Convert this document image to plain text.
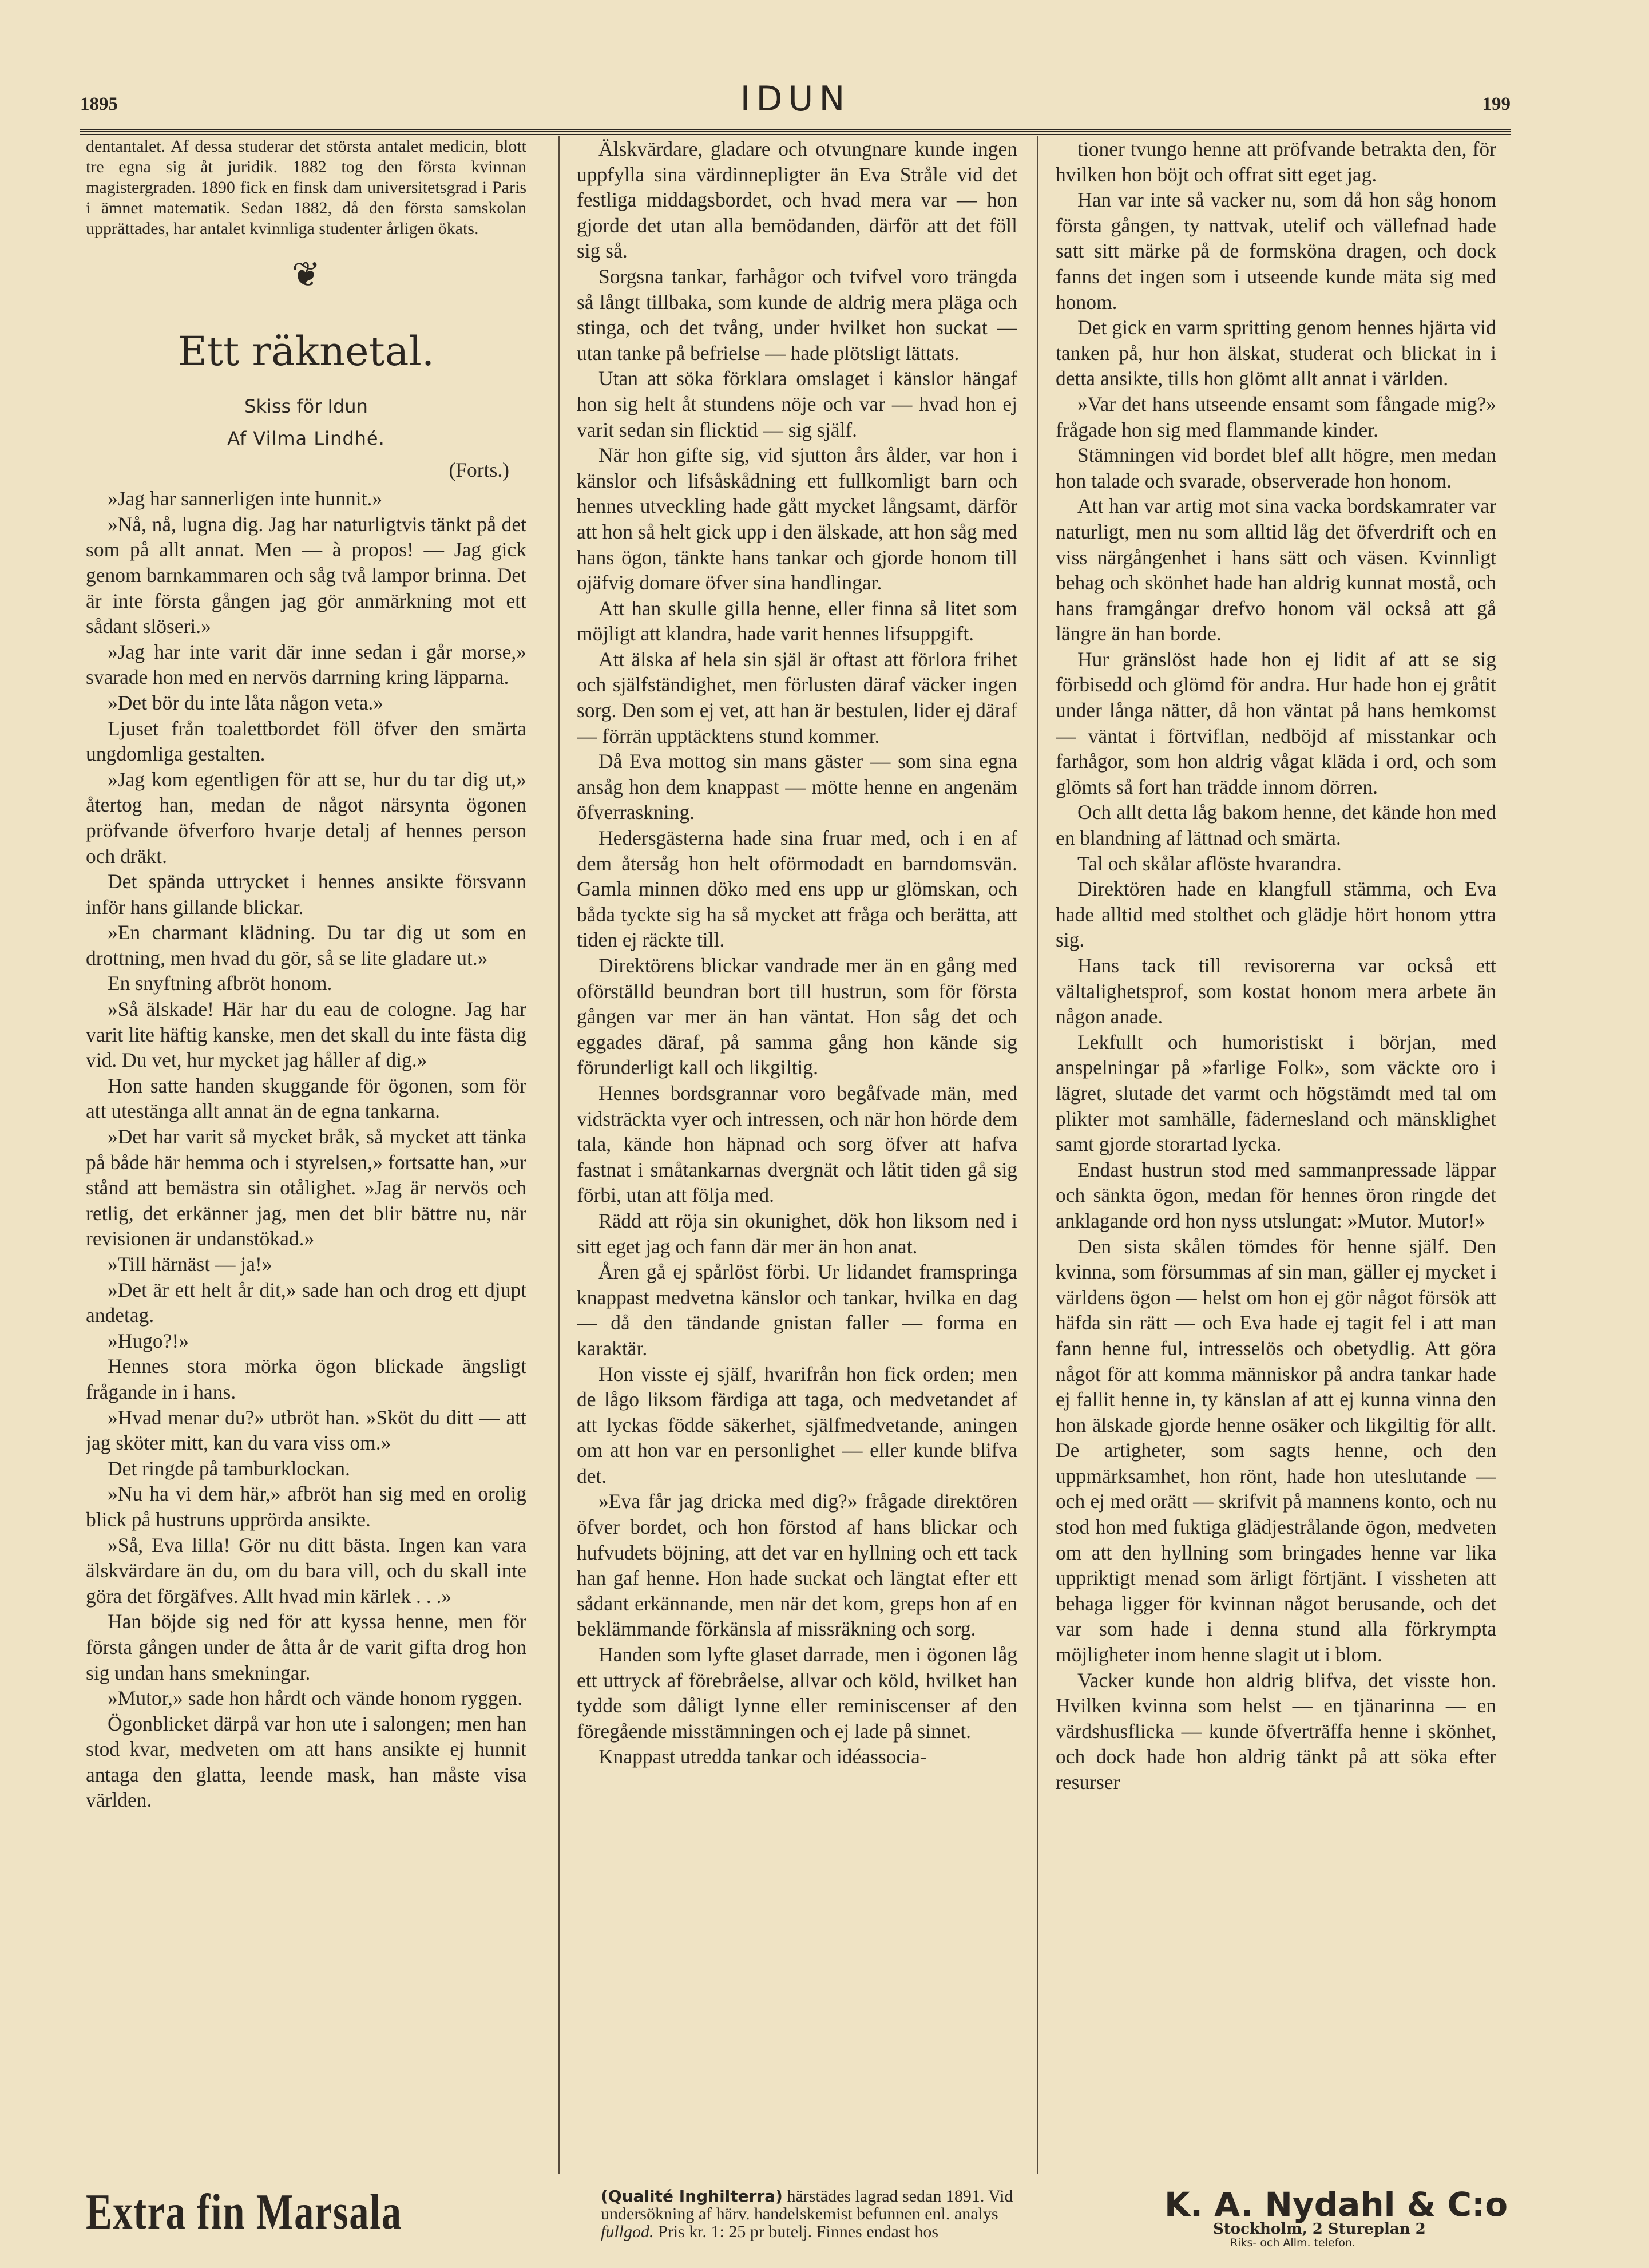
1895	IDUN	199

dentantalet. Af dessa studerar det största antalet medicin, blott tre egna sig åt juridik. 1882 tog den första kvinnan magistergraden. 1890 fick en finsk dam universitetsgrad i Paris i ämnet matematik. Sedan 1882, då den första samskolan upprättades, har antalet kvinnliga studenter årligen ökats.

❦
Ett räknetal.
Skiss för Idun
Af Vilma Lindhé.
(Forts.)

»Jag har sannerligen inte hunnit.»

»Nå, nå, lugna dig. Jag har naturligtvis tänkt på det som på allt annat. Men — à propos! — Jag gick genom barnkammaren och såg två lampor brinna. Det är inte första gången jag gör anmärkning mot ett sådant slöseri.»

»Jag har inte varit där inne sedan i går morse,» svarade hon med en nervös darrning kring läpparna.

»Det bör du inte låta någon veta.»

Ljuset från toalettbordet föll öfver den smärta ungdomliga gestalten.

»Jag kom egentligen för att se, hur du tar dig ut,» återtog han, medan de något närsynta ögonen pröfvande öfverforo hvarje detalj af hennes person och dräkt.

Det spända uttrycket i hennes ansikte försvann inför hans gillande blickar.

»En charmant klädning. Du tar dig ut som en drottning, men hvad du gör, så se lite gladare ut.»

En snyftning afbröt honom.

»Så älskade! Här har du eau de cologne. Jag har varit lite häftig kanske, men det skall du inte fästa dig vid. Du vet, hur mycket jag håller af dig.»

Hon satte handen skuggande för ögonen, som för att utestänga allt annat än de egna tankarna.

»Det har varit så mycket bråk, så mycket att tänka på både här hemma och i styrelsen,» fortsatte han, »ur stånd att bemästra sin otålighet. »Jag är nervös och retlig, det erkänner jag, men det blir bättre nu, när revisionen är undanstökad.»

»Till härnäst — ja!»

»Det är ett helt år dit,» sade han och drog ett djupt andetag.

»Hugo?!»

Hennes stora mörka ögon blickade ängsligt frågande in i hans.

»Hvad menar du?» utbröt han. »Sköt du ditt — att jag sköter mitt, kan du vara viss om.»

Det ringde på tamburklockan.

»Nu ha vi dem här,» afbröt han sig med en orolig blick på hustruns upprörda ansikte.

»Så, Eva lilla! Gör nu ditt bästa. Ingen kan vara älskvärdare än du, om du bara vill, och du skall inte göra det förgäfves. Allt hvad min kärlek . . .»

Han böjde sig ned för att kyssa henne, men för första gången under de åtta år de varit gifta drog hon sig undan hans smekningar.

»Mutor,» sade hon hårdt och vände honom ryggen.

Ögonblicket därpå var hon ute i salongen; men han stod kvar, medveten om att hans ansikte ej hunnit antaga den glatta, leende mask, han måste visa världen.

Älskvärdare, gladare och otvungnare kunde ingen uppfylla sina värdinnepligter än Eva Stråle vid det festliga middagsbordet, och hvad mera var — hon gjorde det utan alla bemödanden, därför att det föll sig så.

Sorgsna tankar, farhågor och tvifvel voro trängda så långt tillbaka, som kunde de aldrig mera pläga och stinga, och det tvång, under hvilket hon suckat — utan tanke på befrielse — hade plötsligt lättats.

Utan att söka förklara omslaget i känslor hängaf hon sig helt åt stundens nöje och var — hvad hon ej varit sedan sin flicktid — sig själf.

När hon gifte sig, vid sjutton års ålder, var hon i känslor och lifsåskådning ett fullkomligt barn och hennes utveckling hade gått mycket långsamt, därför att hon så helt gick upp i den älskade, att hon såg med hans ögon, tänkte hans tankar och gjorde honom till ojäfvig domare öfver sina handlingar.

Att han skulle gilla henne, eller finna så litet som möjligt att klandra, hade varit hennes lifsuppgift.

Att älska af hela sin själ är oftast att förlora frihet och själfständighet, men förlusten däraf väcker ingen sorg. Den som ej vet, att han är bestulen, lider ej däraf — förrän upptäcktens stund kommer.

Då Eva mottog sin mans gäster — som sina egna ansåg hon dem knappast — mötte henne en angenäm öfverraskning.

Hedersgästerna hade sina fruar med, och i en af dem återsåg hon helt oförmodadt en barndomsvän. Gamla minnen döko med ens upp ur glömskan, och båda tyckte sig ha så mycket att fråga och berätta, att tiden ej räckte till.

Direktörens blickar vandrade mer än en gång med oförställd beundran bort till hustrun, som för första gången var mer än han väntat. Hon såg det och eggades däraf, på samma gång hon kände sig förunderligt kall och likgiltig.

Hennes bordsgrannar voro begåfvade män, med vidsträckta vyer och intressen, och när hon hörde dem tala, kände hon häpnad och sorg öfver att hafva fastnat i småtankarnas dvergnät och låtit tiden gå sig förbi, utan att följa med.

Rädd att röja sin okunighet, dök hon liksom ned i sitt eget jag och fann där mer än hon anat.

Åren gå ej spårlöst förbi. Ur lidandet framspringa knappast medvetna känslor och tankar, hvilka en dag — då den tändande gnistan faller — forma en karaktär.

Hon visste ej själf, hvarifrån hon fick orden; men de lågo liksom färdiga att taga, och medvetandet af att lyckas födde säkerhet, själfmedvetande, aningen om att hon var en personlighet — eller kunde blifva det.

»Eva får jag dricka med dig?» frågade direktören öfver bordet, och hon förstod af hans blickar och hufvudets böjning, att det var en hyllning och ett tack han gaf henne. Hon hade suckat och längtat efter ett sådant erkännande, men när det kom, greps hon af en beklämmande förkänsla af missräkning och sorg.

Handen som lyfte glaset darrade, men i ögonen låg ett uttryck af förebråelse, allvar och köld, hvilket han tydde som dåligt lynne eller reminiscenser af den föregående misstämningen och ej lade på sinnet.

Knappast utredda tankar och idéassocia-

tioner tvungo henne att pröfvande betrakta den, för hvilken hon böjt och offrat sitt eget jag.

Han var inte så vacker nu, som då hon såg honom första gången, ty nattvak, utelif och vällefnad hade satt sitt märke på de formsköna dragen, och dock fanns det ingen som i utseende kunde mäta sig med honom.

Det gick en varm spritting genom hennes hjärta vid tanken på, hur hon älskat, studerat och blickat in i detta ansikte, tills hon glömt allt annat i världen.

»Var det hans utseende ensamt som fångade mig?» frågade hon sig med flammande kinder.

Stämningen vid bordet blef allt högre, men medan hon talade och svarade, observerade hon honom.

Att han var artig mot sina vacka bordskamrater var naturligt, men nu som alltid låg det öfverdrift och en viss närgångenhet i hans sätt och väsen. Kvinnligt behag och skönhet hade han aldrig kunnat mostå, och hans framgångar drefvo honom väl också att gå längre än han borde.

Hur gränslöst hade hon ej lidit af att se sig förbisedd och glömd för andra. Hur hade hon ej gråtit under långa nätter, då hon väntat på hans hemkomst — väntat i förtviflan, nedböjd af misstankar och farhågor, som hon aldrig vågat kläda i ord, och som glömts så fort han trädde innom dörren.

Och allt detta låg bakom henne, det kände hon med en blandning af lättnad och smärta.

Tal och skålar aflöste hvarandra.

Direktören hade en klangfull stämma, och Eva hade alltid med stolthet och glädje hört honom yttra sig.

Hans tack till revisorerna var också ett vältalighetsprof, som kostat honom mera arbete än någon anade.

Lekfullt och humoristiskt i början, med anspelningar på »farlige Folk», som väckte oro i lägret, slutade det varmt och högstämdt med tal om plikter mot samhälle, fädernesland och mänsklighet samt gjorde storartad lycka.

Endast hustrun stod med sammanpressade läppar och sänkta ögon, medan för hennes öron ringde det anklagande ord hon nyss utslungat: »Mutor. Mutor!»

Den sista skålen tömdes för henne själf. Den kvinna, som försummas af sin man, gäller ej mycket i världens ögon — helst om hon ej gör något försök att häfda sin rätt — och Eva hade ej tagit fel i att man fann henne ful, intresselös och obetydlig. Att göra något för att komma människor på andra tankar hade ej fallit henne in, ty känslan af att ej kunna vinna den hon älskade gjorde henne osäker och likgiltig för allt. De artigheter, som sagts henne, och den uppmärksamhet, hon rönt, hade hon uteslutande — och ej med orätt — skrifvit på mannens konto, och nu stod hon med fuktiga glädjestrålande ögon, medveten om att den hyllning som bringades henne var lika uppriktigt menad som ärligt förtjänt. I vissheten att behaga ligger för kvinnan något berusande, och det var som hade i denna stund alla förkrympta möjligheter inom henne slagit ut i blom.

Vacker kunde hon aldrig blifva, det visste hon. Hvilken kvinna som helst — en tjänarinna — en värdshusflicka — kunde öfverträffa henne i skönhet, och dock hade hon aldrig tänkt på att söka efter resurser

Extra fin Marsala	(Qualité Inghilterra) härstädes lagrad sedan 1891. Vid
undersökning af härv. handelskemist befunnen enl. analys
fullgod. Pris kr. 1: 25 pr butelj. Finnes endast hos
K. A. Nydahl & C:o
Stockholm, 2 Stureplan 2
Riks- och Allm. telefon.
